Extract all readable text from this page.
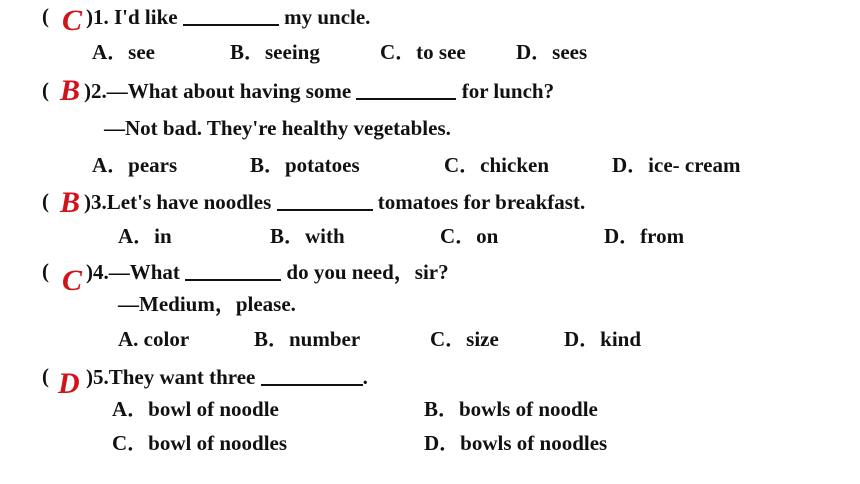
( C )1. I'd like	my uncle.
A．see	B．seeing	C．to see D．sees
( B )2.—What about having some	for lunch?
—Not bad. They're healthy vegetables.
A．pears	B．potatoes	C．chicken	D．ice- cream
( B )3.Let's have noodles	tomatoes for breakfast.
A．in	B．with	C．on	D．from
( C )4.—What	do you need，sir?
—Medium，please.
A. color	B．number	C．size	D．kind
( D )5.They want three	.
A．bowl of noodle	B．bowls of noodle
C．bowl of noodles	D．bowls of noodles
